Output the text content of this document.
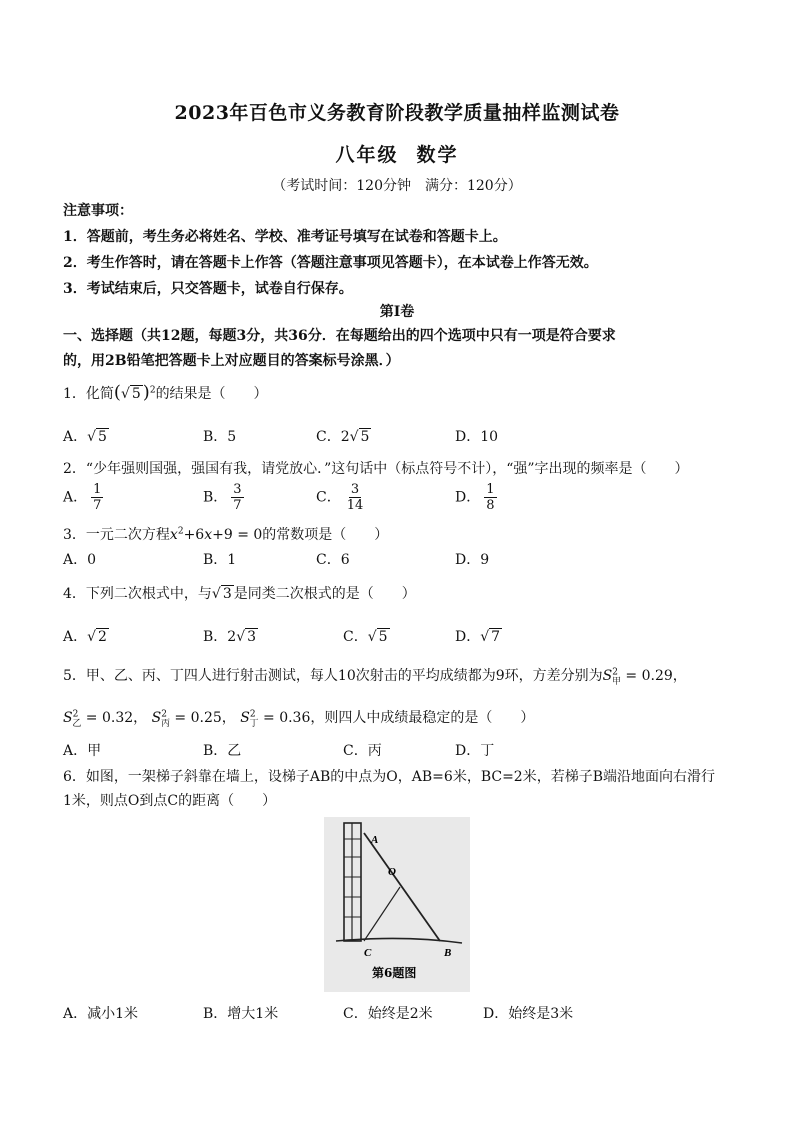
2023年百色市义务教育阶段教学质量抽样监测试卷
八年级 数学
（考试时间：120分钟　满分：120分）
注意事项：
1．答题前，考生务必将姓名、学校、准考证号填写在试卷和答题卡上。
2．考生作答时，请在答题卡上作答（答题注意事项见答题卡），在本试卷上作答无效。
3．考试结束后，只交答题卡，试卷自行保存。
第Ⅰ卷
一、选择题（共12题，每题3分，共36分．在每题给出的四个选项中只有一项是符合要求
的，用2B铅笔把答题卡上对应题目的答案标号涂黑．）
1．化简(√ 5 )$^2$的结果是（　　）
A．√ 5	B．5	C．2√ 5	D．10
2．“少年强则国强，强国有我，请党放心．”这句话中（标点符号不计），“强”字出现的频率是（　　）
A． $\frac{1}{7}$	B． $\frac{3}{7}$	C． $\frac{3}{14}$	D． $\frac{1}{8}$
3．一元二次方程$x^2+6x+9 = 0$的常数项是（　　）
A．0	B．1	C．6	D．9
4．下列二次根式中，与√ 3 是同类二次根式的是（　　）
A．√ 2	B．2√ 3	C．√ 5	D．√ 7
5．甲、乙、丙、丁四人进行射击测试，每人10次射击的平均成绩都为9环，方差分别为$S^2_甲 = 0.29$，
$S^2_乙 = 0.32$， $S^2_丙 = 0.25$， $S^2_丁 = 0.36$，则四人中成绩最稳定的是（　　）
A．甲	B．乙	C．丙	D．丁
6．如图，一架梯子斜靠在墙上，设梯子AB的中点为O，AB=6米，BC=2米，若梯子B端沿地面向右滑行
1米，则点O到点C的距离（　　）
A
O
C	B
第6题图
A．减小1米	B．增大1米	C．始终是2米	D．始终是3米
